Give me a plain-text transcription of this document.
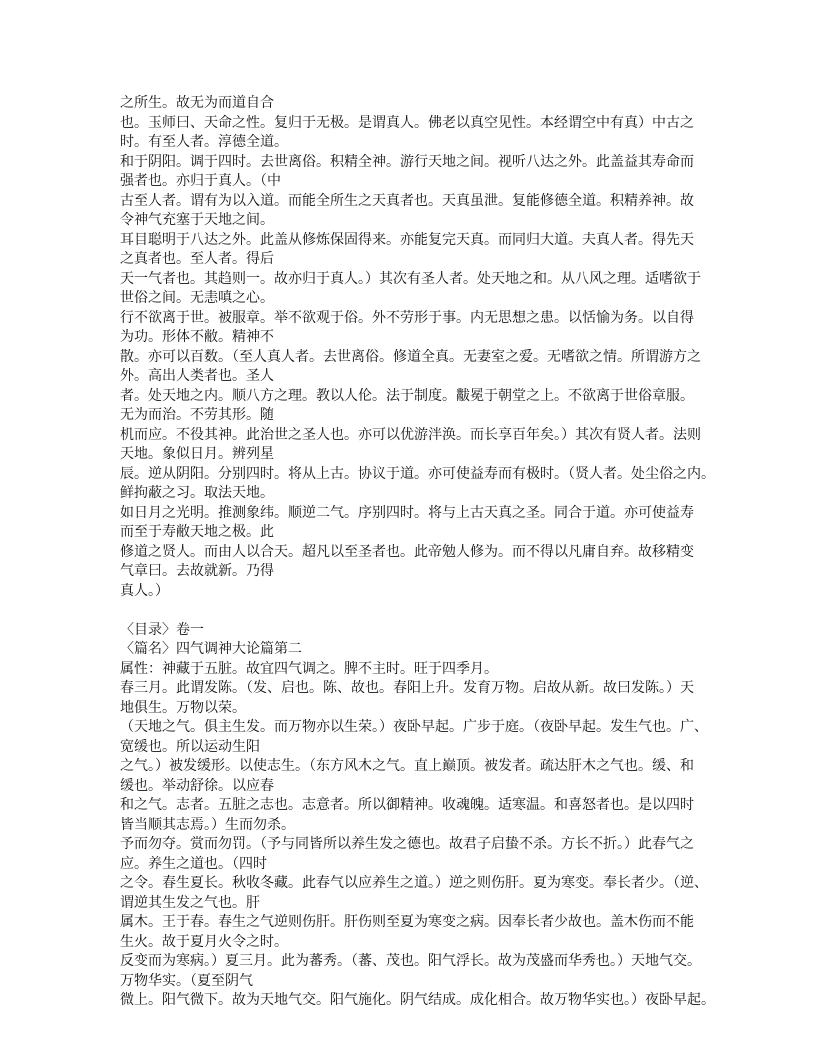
之所生。故无为而道自合
也。玉师曰、天命之性。复归于无极。是谓真人。佛老以真空见性。本经谓空中有真）中古之
时。有至人者。淳德全道。
和于阴阳。调于四时。去世离俗。积精全神。游行天地之间。视听八达之外。此盖益其寿命而
强者也。亦归于真人。（中
古至人者。谓有为以入道。而能全所生之天真者也。天真虽泄。复能修德全道。积精养神。故
令神气充塞于天地之间。
耳目聪明于八达之外。此盖从修炼保固得来。亦能复完天真。而同归大道。夫真人者。得先天
之真者也。至人者。得后
天一气者也。其趋则一。故亦归于真人。）其次有圣人者。处天地之和。从八风之理。适嗜欲于
世俗之间。无恚嗔之心。
行不欲离于世。被服章。举不欲观于俗。外不劳形于事。内无思想之患。以恬愉为务。以自得
为功。形体不敝。精神不
散。亦可以百数。（至人真人者。去世离俗。修道全真。无妻室之爱。无嗜欲之情。所谓游方之
外。高出人类者也。圣人
者。处天地之内。顺八方之理。教以人伦。法于制度。黻冕于朝堂之上。不欲离于世俗章服。
无为而治。不劳其形。随
机而应。不役其神。此治世之圣人也。亦可以优游泮涣。而长享百年矣。）其次有贤人者。法则
天地。象似日月。辨列星
辰。逆从阴阳。分别四时。将从上古。协议于道。亦可使益寿而有极时。（贤人者。处尘俗之内。
鲜拘蔽之习。取法天地。
如日月之光明。推测象纬。顺逆二气。序别四时。将与上古天真之圣。同合于道。亦可使益寿
而至于寿敝天地之极。此
修道之贤人。而由人以合天。超凡以至圣者也。此帝勉人修为。而不得以凡庸自弃。故移精变
气章曰。去故就新。乃得
真人。）
〈目录〉卷一
〈篇名〉四气调神大论篇第二
属性：神藏于五脏。故宜四气调之。脾不主时。旺于四季月。
春三月。此谓发陈。（发、启也。陈、故也。春阳上升。发育万物。启故从新。故曰发陈。）天
地俱生。万物以荣。
（天地之气。俱主生发。而万物亦以生荣。）夜卧早起。广步于庭。（夜卧早起。发生气也。广、
宽缓也。所以运动生阳
之气。）被发缓形。以使志生。（东方风木之气。直上巅顶。被发者。疏达肝木之气也。缓、和
缓也。举动舒徐。以应春
和之气。志者。五脏之志也。志意者。所以御精神。收魂魄。适寒温。和喜怒者也。是以四时
皆当顺其志焉。）生而勿杀。
予而勿夺。赏而勿罚。（予与同皆所以养生发之德也。故君子启蛰不杀。方长不折。）此春气之
应。养生之道也。（四时
之令。春生夏长。秋收冬藏。此春气以应养生之道。）逆之则伤肝。夏为寒变。奉长者少。（逆、
谓逆其生发之气也。肝
属木。王于春。春生之气逆则伤肝。肝伤则至夏为寒变之病。因奉长者少故也。盖木伤而不能
生火。故于夏月火令之时。
反变而为寒病。）夏三月。此为蕃秀。（蕃、茂也。阳气浮长。故为茂盛而华秀也。）天地气交。
万物华实。（夏至阴气
微上。阳气微下。故为天地气交。阳气施化。阴气结成。成化相合。故万物华实也。）夜卧早起。
